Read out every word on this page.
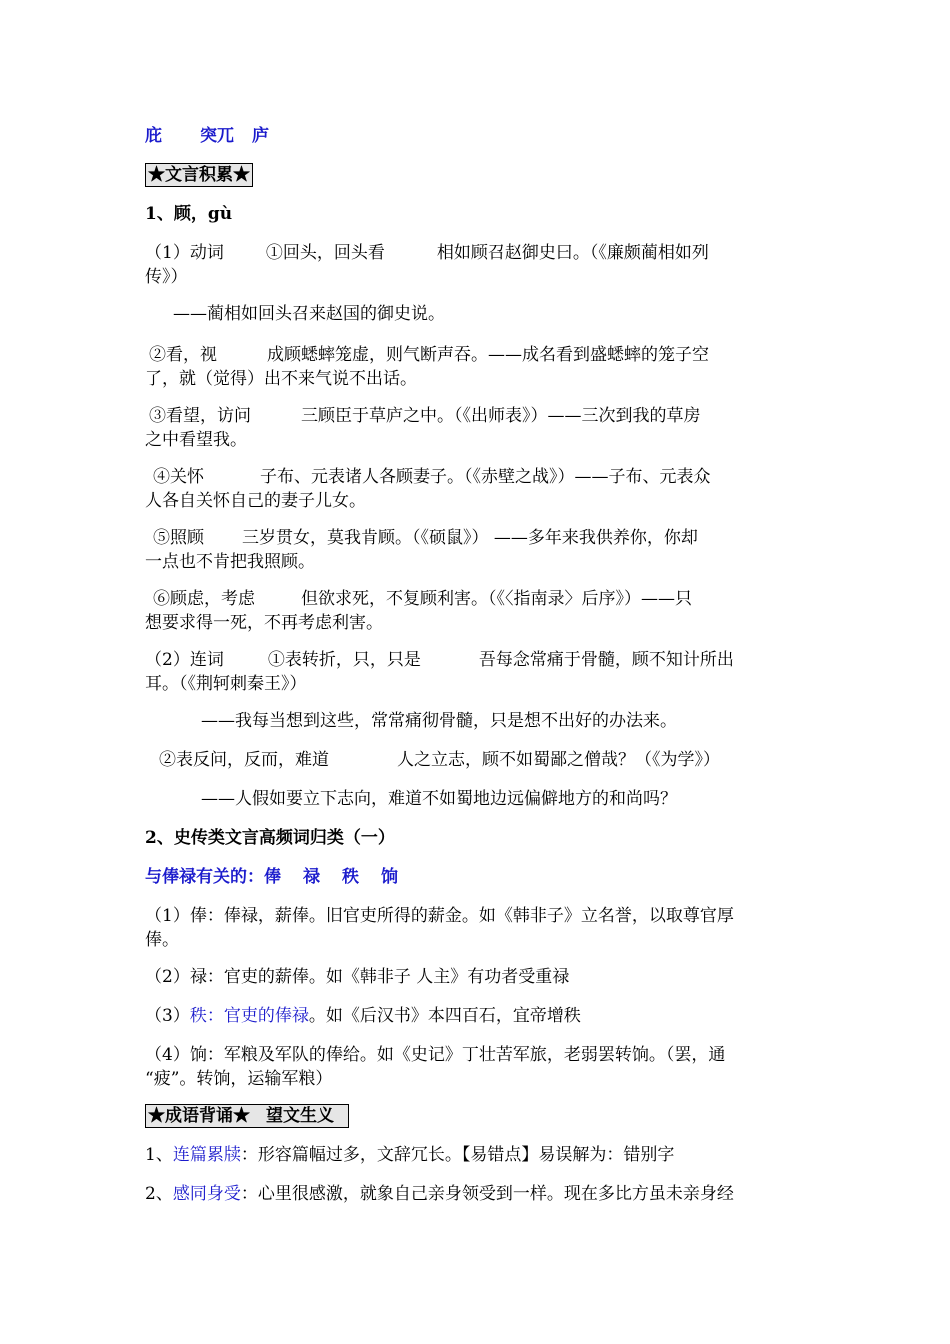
庇 突兀 庐
★文言积累★
1、顾，gù
（1）动词 ①回头，回头看	相如顾召赵御史曰。（《廉颇蔺相如列
传》）
——蔺相如回头召来赵国的御史说。
②看，视	成顾蟋蟀笼虚，则气断声吞。——成名看到盛蟋蟀的笼子空
了，就（觉得）出不来气说不出话。
③看望，访问	三顾臣于草庐之中。（《出师表》）——三次到我的草房
之中看望我。
④关怀	子布、元表诸人各顾妻子。（《赤壁之战》）——子布、元表众
人各自关怀自己的妻子儿女。
⑤照顾 三岁贯女，莫我肯顾。（《硕鼠》） ——多年来我供养你，你却
一点也不肯把我照顾。
⑥顾虑，考虑	但欲求死，不复顾利害。（《〈指南录〉后序》）——只
想要求得一死，不再考虑利害。
（2）连词	①表转折，只，只是	吾每念常痛于骨髓，顾不知计所出
耳。（《荆轲刺秦王》）
——我每当想到这些，常常痛彻骨髓，只是想不出好的办法来。
②表反问，反而，难道	人之立志，顾不如蜀鄙之僧哉？（《为学》）
——人假如要立下志向，难道不如蜀地边远偏僻地方的和尚吗？
2、史传类文言高频词归类（一）
与俸禄有关的：俸 禄 秩 饷
（1）俸：俸禄，薪俸。旧官吏所得的薪金。如《韩非子》立名誉，以取尊官厚
俸。
（2）禄：官吏的薪俸。如《韩非子 人主》有功者受重禄
（3）秩：官吏的俸禄。如《后汉书》本四百石，宜帝增秩
（4）饷：军粮及军队的俸给。如《史记》丁壮苦军旅，老弱罢转饷。（罢，通
“疲”。转饷，运输军粮）
★成语背诵★ 望文生义
1、连篇累牍：形容篇幅过多，文辞冗长。【易错点】易误解为：错别字
2、感同身受：心里很感激，就象自己亲身领受到一样。现在多比方虽未亲身经
